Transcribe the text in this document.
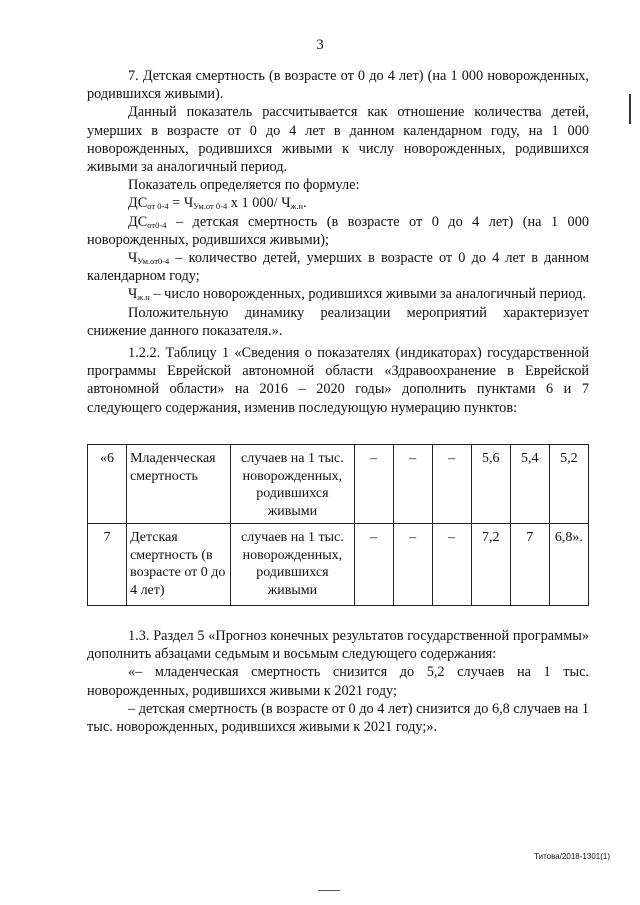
3

7. Детская смертность (в возрасте от 0 до 4 лет) (на 1 000 новорожденных, родившихся живыми).

Данный показатель рассчитывается как отношение количества детей, умерших в возрасте от 0 до 4 лет в данном календарном году, на 1 000 новорожденных, родившихся живыми к числу новорожденных, родившихся живыми за аналогичный период.

Показатель определяется по формуле:

$ДС_{от 0-4} = Ч_{Ум.от 0-4}$ х 1 000/ $Ч_{ж.н}$.

$ДС_{от0-4}$ – детская смертность (в возрасте от 0 до 4 лет) (на 1 000 новорожденных, родившихся живыми);

$Ч_{Ум.от0-4}$ – количество детей, умерших в возрасте от 0 до 4 лет в данном календарном году;

$Ч_{ж.н}$ – число новорожденных, родившихся живыми за аналогичный период.

Положительную динамику реализации мероприятий характеризует снижение данного показателя.».

1.2.2. Таблицу 1 «Сведения о показателях (индикаторах) государственной программы Еврейской автономной области «Здравоохранение в Еврейской автономной области» на 2016 – 2020 годы» дополнить пунктами 6 и 7 следующего содержания, изменив последующую нумерацию пунктов:

«6	Младенческая смертность	случаев на 1 тыс. новорожденных, родившихся живыми	–	–	–	5,6	5,4	5,2
7	Детская смертность (в возрасте от 0 до 4 лет)	случаев на 1 тыс. новорожденных, родившихся живыми	–	–	–	7,2	7	6,8».

1.3. Раздел 5 «Прогноз конечных результатов государственной программы» дополнить абзацами седьмым и восьмым следующего содержания:

«– младенческая смертность снизится до 5,2 случаев на 1 тыс. новорожденных, родившихся живыми к 2021 году;

– детская смертность (в возрасте от 0 до 4 лет) снизится до 6,8 случаев на 1 тыс. новорожденных, родившихся живыми к 2021 году;».

Титова/2018-1301(1)
